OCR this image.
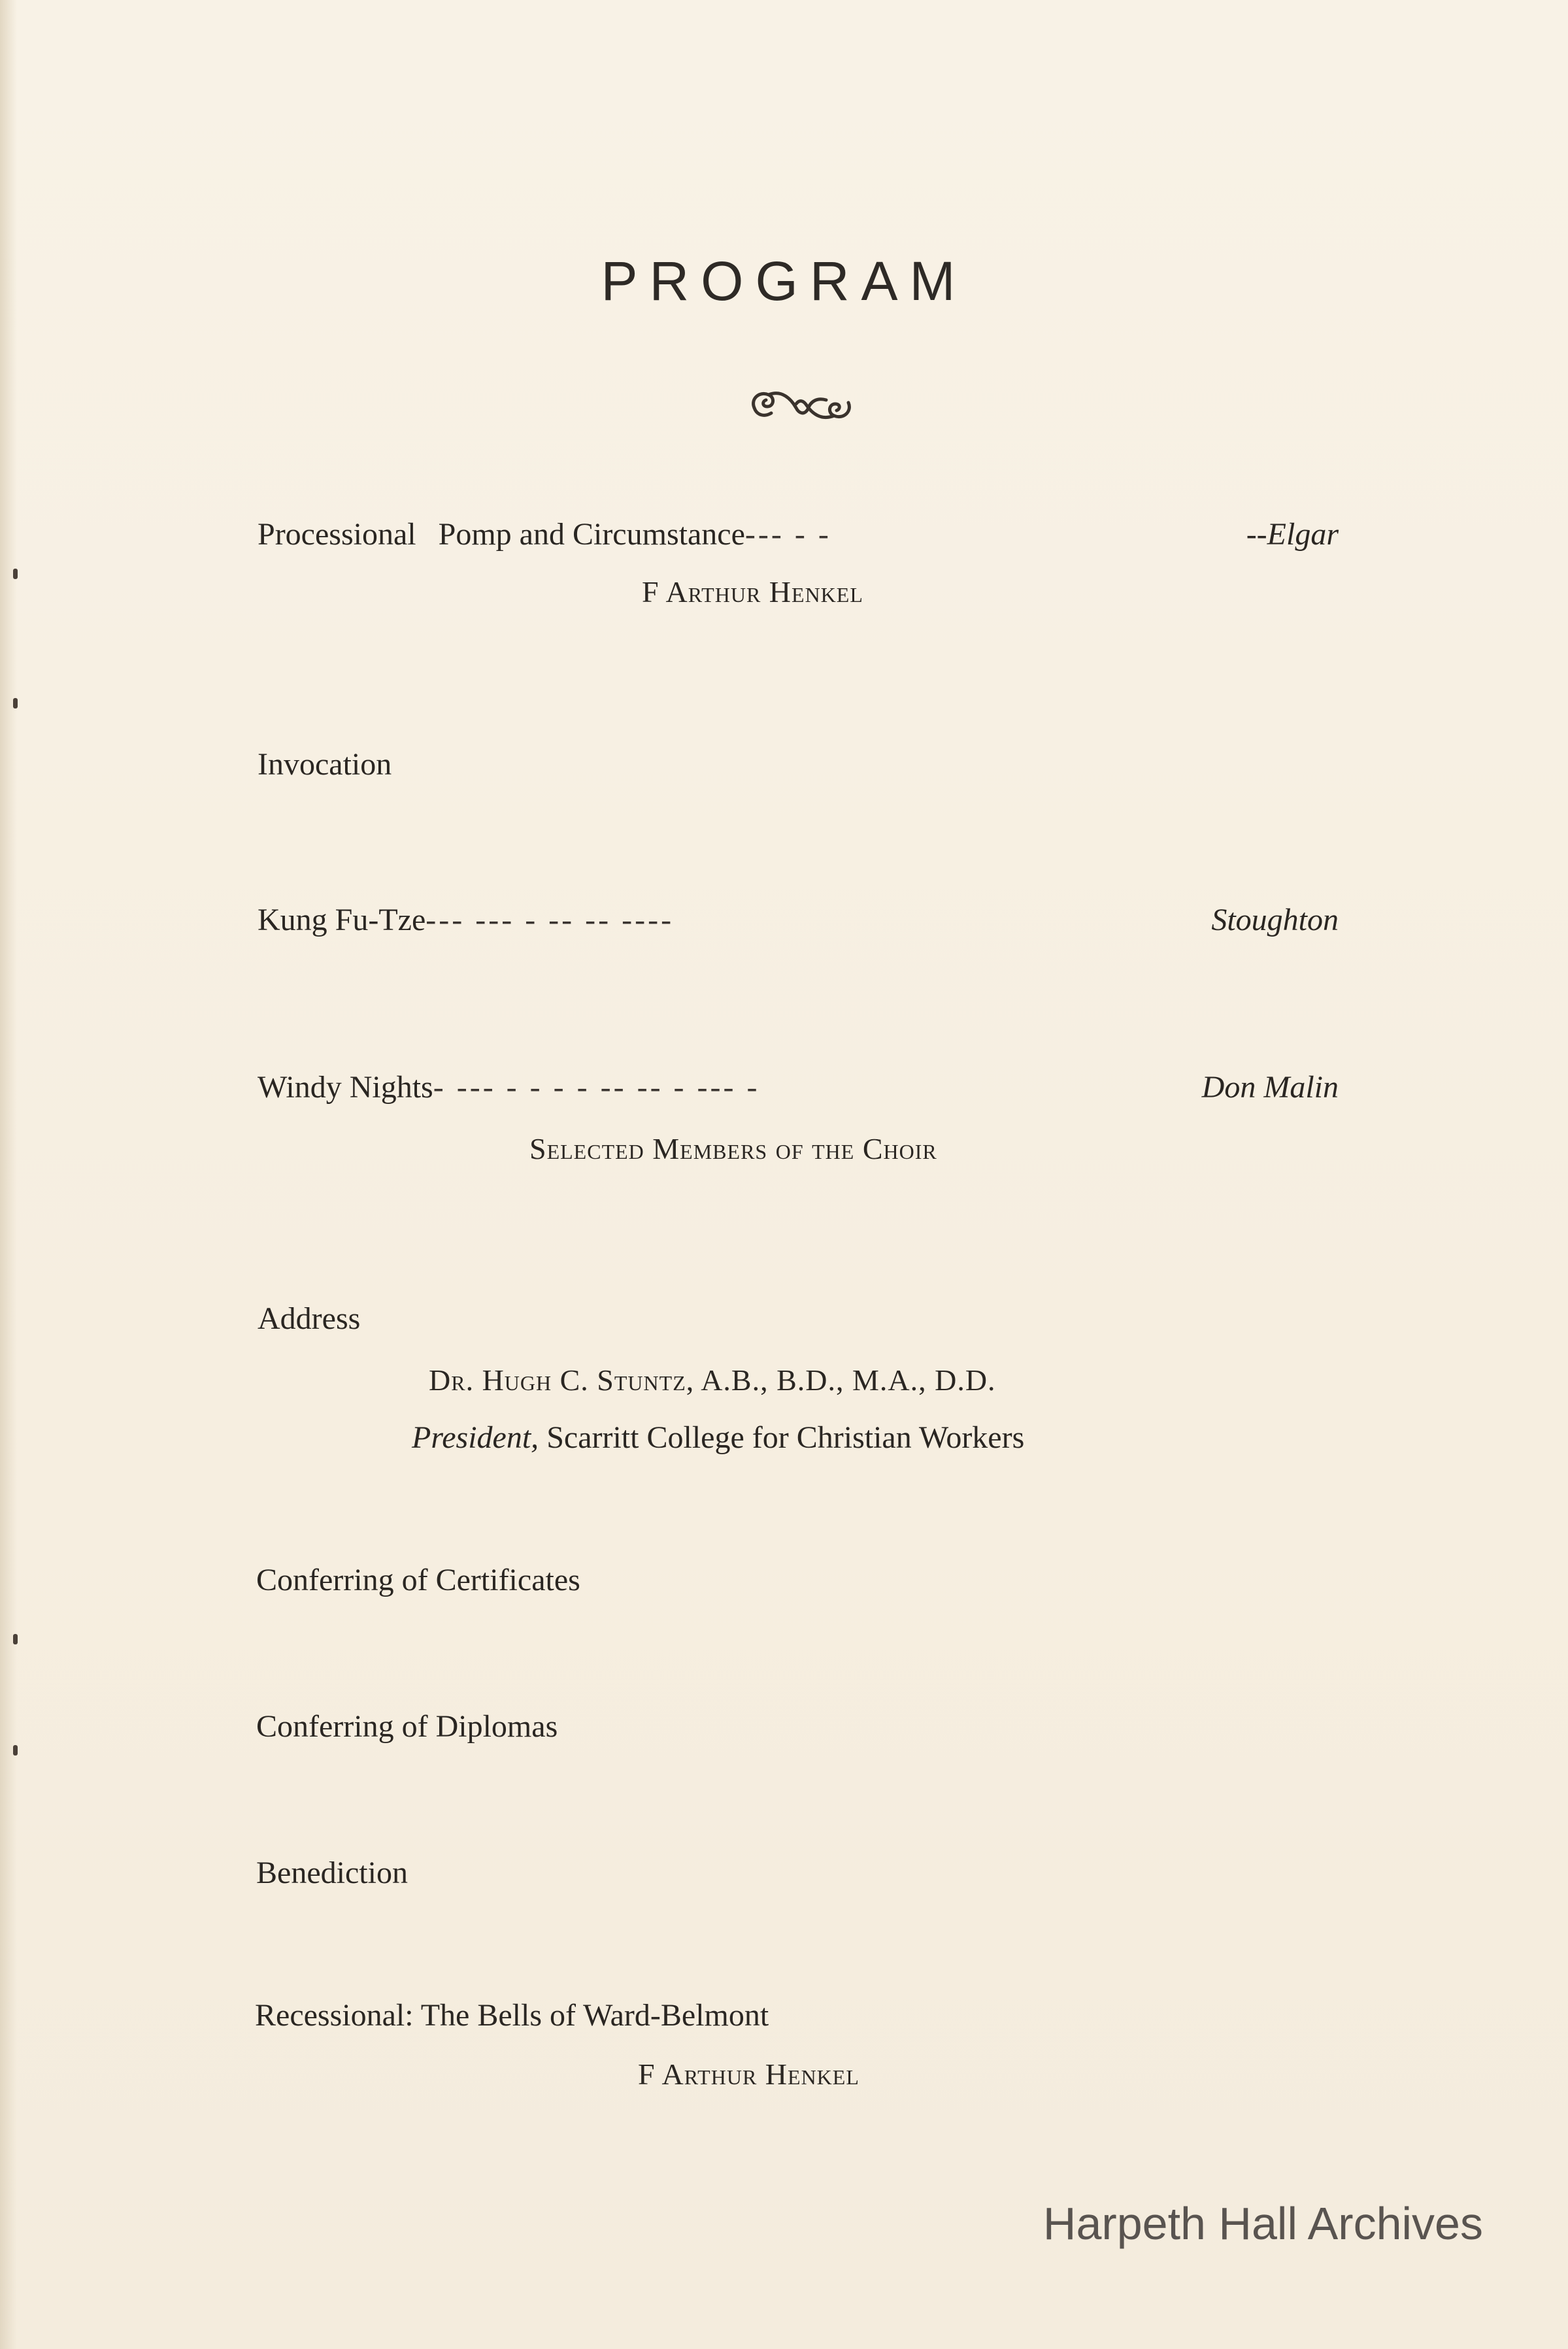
PROGRAM
Processional Pomp and Circumstance --- - -	-- Elgar
F Arthur Henkel
Invocation
Kung Fu-Tze --- --- - -- -- ----	Stoughton
Windy Nights - --- - - - - -- -- - --- -	Don Malin
Selected Members of the Choir
Address
Dr. Hugh C. Stuntz, A.B., B.D., M.A., D.D.
President, Scarritt College for Christian Workers
Conferring of Certificates
Conferring of Diplomas
Benediction
Recessional: The Bells of Ward-Belmont
F Arthur Henkel
Harpeth Hall Archives
